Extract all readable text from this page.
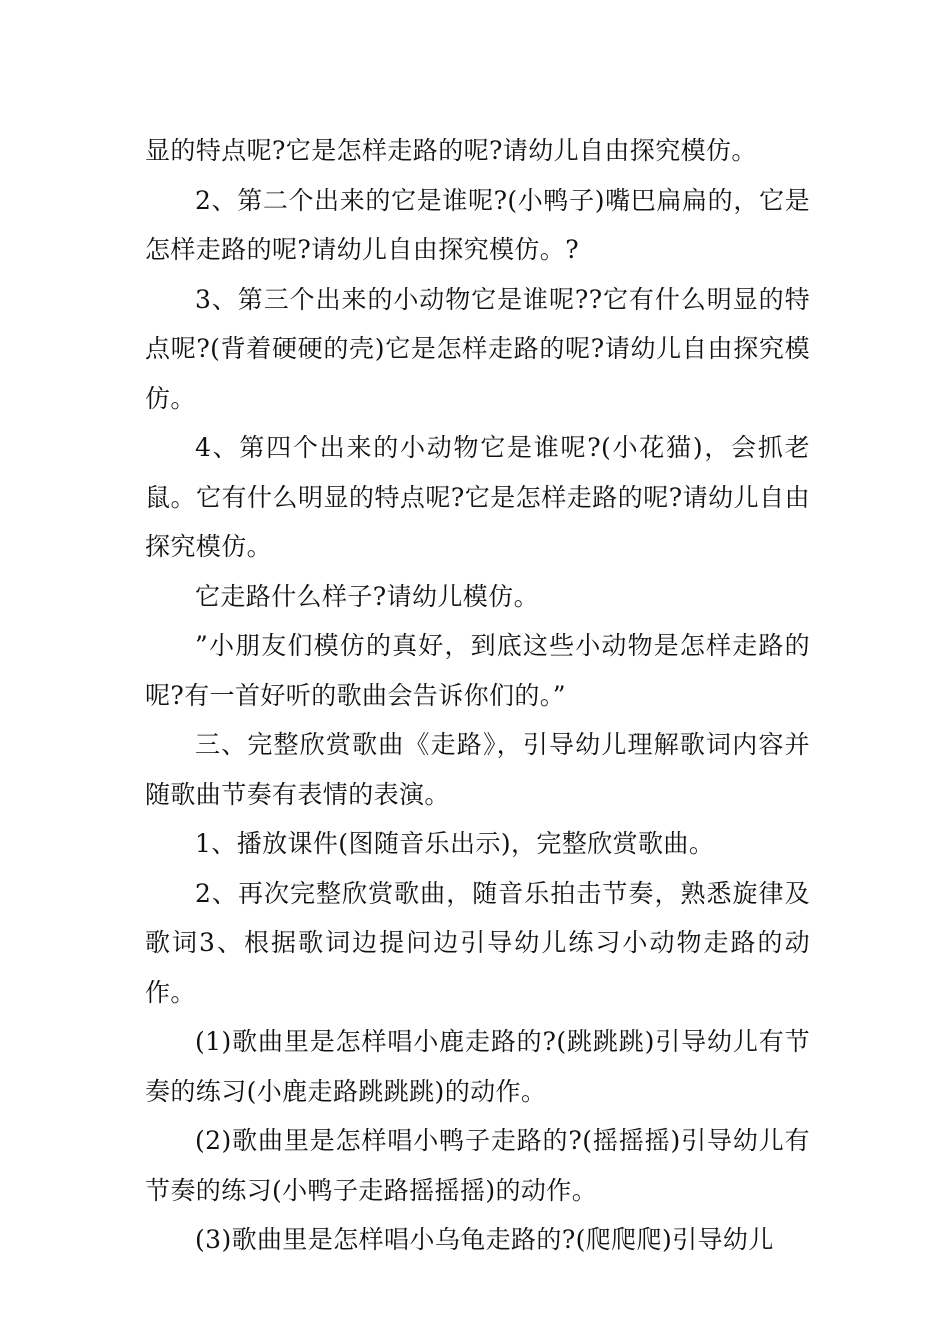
显的特点呢?它是怎样走路的呢?请幼儿自由探究模仿。

2、第二个出来的它是谁呢?(小鸭子)嘴巴扁扁的，它是怎样走路的呢?请幼儿自由探究模仿。?

3、第三个出来的小动物它是谁呢??它有什么明显的特点呢?(背着硬硬的壳)它是怎样走路的呢?请幼儿自由探究模仿。

4、第四个出来的小动物它是谁呢?(小花猫)，会抓老鼠。它有什么明显的特点呢?它是怎样走路的呢?请幼儿自由探究模仿。

它走路什么样子?请幼儿模仿。

”小朋友们模仿的真好，到底这些小动物是怎样走路的呢?有一首好听的歌曲会告诉你们的。”

三、完整欣赏歌曲《走路》，引导幼儿理解歌词内容并随歌曲节奏有表情的表演。

1、播放课件(图随音乐出示)，完整欣赏歌曲。

2、再次完整欣赏歌曲，随音乐拍击节奏，熟悉旋律及歌词3、根据歌词边提问边引导幼儿练习小动物走路的动作。

(1)歌曲里是怎样唱小鹿走路的?(跳跳跳)引导幼儿有节奏的练习(小鹿走路跳跳跳)的动作。

(2)歌曲里是怎样唱小鸭子走路的?(摇摇摇)引导幼儿有节奏的练习(小鸭子走路摇摇摇)的动作。

(3)歌曲里是怎样唱小乌龟走路的?(爬爬爬)引导幼儿
